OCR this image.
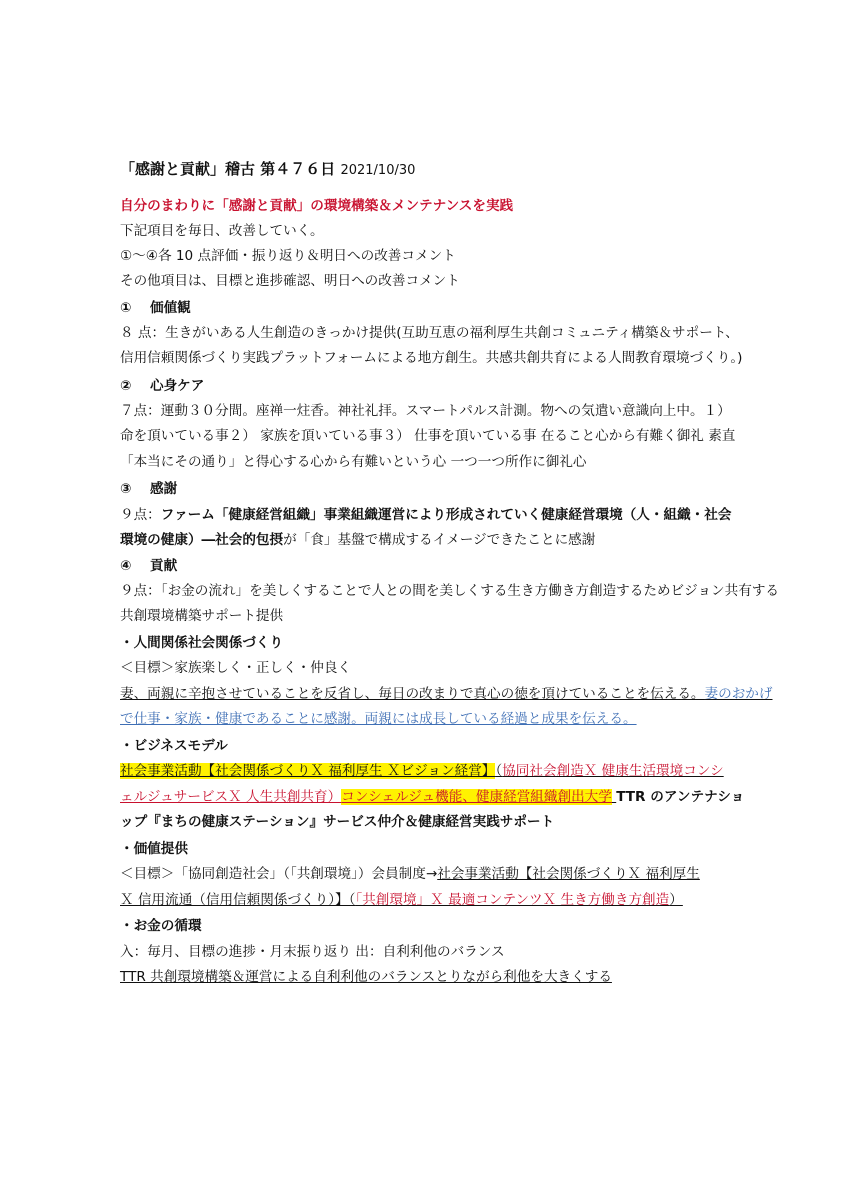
「感謝と貢献」稽古 第４７６日 2021/10/30
自分のまわりに「感謝と貢献」の環境構築＆メンテナンスを実践
下記項目を毎日、改善していく。
①～④各 10 点評価・振り返り＆明日への改善コメント
その他項目は、目標と進捗確認、明日への改善コメント
① 価値観
８ 点：生きがいある人生創造のきっかけ提供(互助互恵の福利厚生共創コミュニティ構築＆サポート、
信用信頼関係づくり実践プラットフォームによる地方創生。共感共創共育による人間教育環境づくり。)
② 心身ケア
７点：運動３０分間。座禅一炷香。神社礼拝。スマートパルス計測。物への気遣い意識向上中。１）
命を頂いている事２） 家族を頂いている事３） 仕事を頂いている事 在ること心から有難く御礼 素直
「本当にその通り」と得心する心から有難いという心 一つ一つ所作に御礼心
③ 感謝
９点：ファーム「健康経営組織」事業組織運営により形成されていく健康経営環境（人・組織・社会
環境の健康）―社会的包摂が「食」基盤で構成するイメージできたことに感謝
④ 貢献
９点：「お金の流れ」を美しくすることで人との間を美しくする生き方働き方創造するためビジョン共有する
共創環境構築サポート提供
・人間関係社会関係づくり
＜目標＞家族楽しく・正しく・仲良く
妻、両親に辛抱させていることを反省し、毎日の改まりで真心の徳を頂けていることを伝える。妻のおかげ
で仕事・家族・健康であることに感謝。両親には成長している経過と成果を伝える。
・ビジネスモデル
社会事業活動【社会関係づくりＸ 福利厚生 Ｘビジョン経営】（協同社会創造Ｘ 健康生活環境コンシ
ェルジュサービスＸ 人生共創共育）コンシェルジュ機能、健康経営組織創出大学 TTR のアンテナショ
ップ『まちの健康ステーション』サービス仲介＆健康経営実践サポート
・価値提供
＜目標＞「協同創造社会」（「共創環境」）会員制度→社会事業活動【社会関係づくりＸ 福利厚生
Ｘ 信用流通（信用信頼関係づくり）】（「共創環境」Ｘ 最適コンテンツＸ 生き方働き方創造）
・お金の循環
入：毎月、目標の進捗・月末振り返り 出：自利利他のバランス
TTR 共創環境構築＆運営による自利利他のバランスとりながら利他を大きくする
